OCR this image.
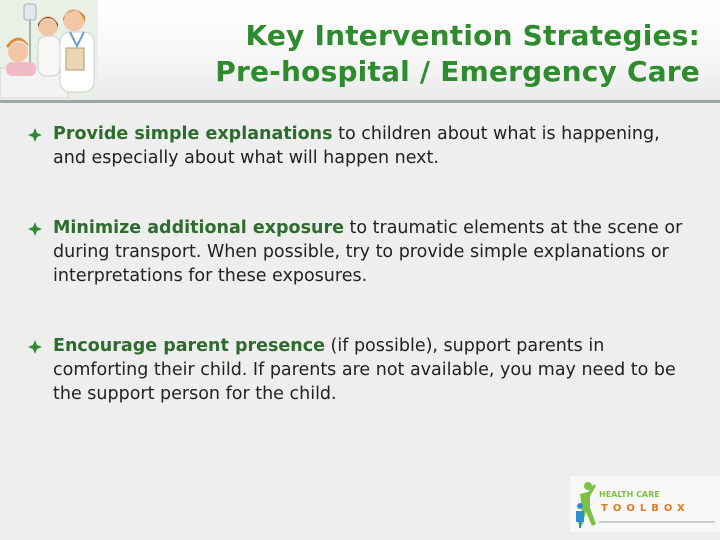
Key Intervention Strategies:
Pre-hospital / Emergency Care
Provide simple explanations to children about what is happening, and especially about what will happen next.
Minimize additional exposure to traumatic elements at the scene or during transport. When possible, try to provide simple explanations or interpretations for these exposures.
Encourage parent presence (if possible), support parents in comforting their child. If parents are not available, you may need to be the support person for the child.
HEALTH CARE
TOOLBOX
